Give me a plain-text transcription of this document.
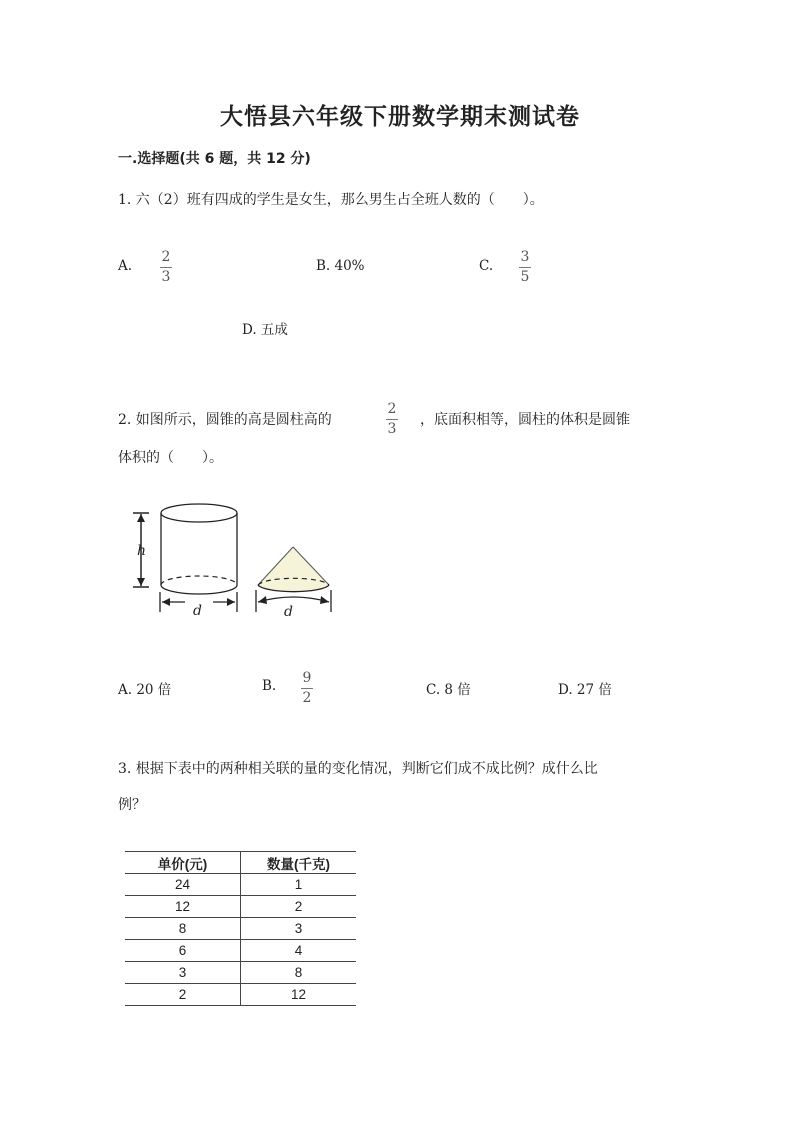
大悟县六年级下册数学期末测试卷
一.选择题(共 6 题，共 12 分)
1. 六（2）班有四成的学生是女生，那么男生占全班人数的（　　）。
A.
2
3
B. 40%	C.
3
5
D. 五成
2. 如图所示，圆锥的高是圆柱高的
2
3
，底面积相等，圆柱的体积是圆锥
体积的（　　）。
h
d	d
A. 20 倍	B. 9
2	C. 8 倍	D. 27 倍
3. 根据下表中的两种相关联的量的变化情况，判断它们成不成比例？成什么比
例？
单价(元)	数量(千克)
24	1
12	2
8	3
6	4
3	8
2	12
